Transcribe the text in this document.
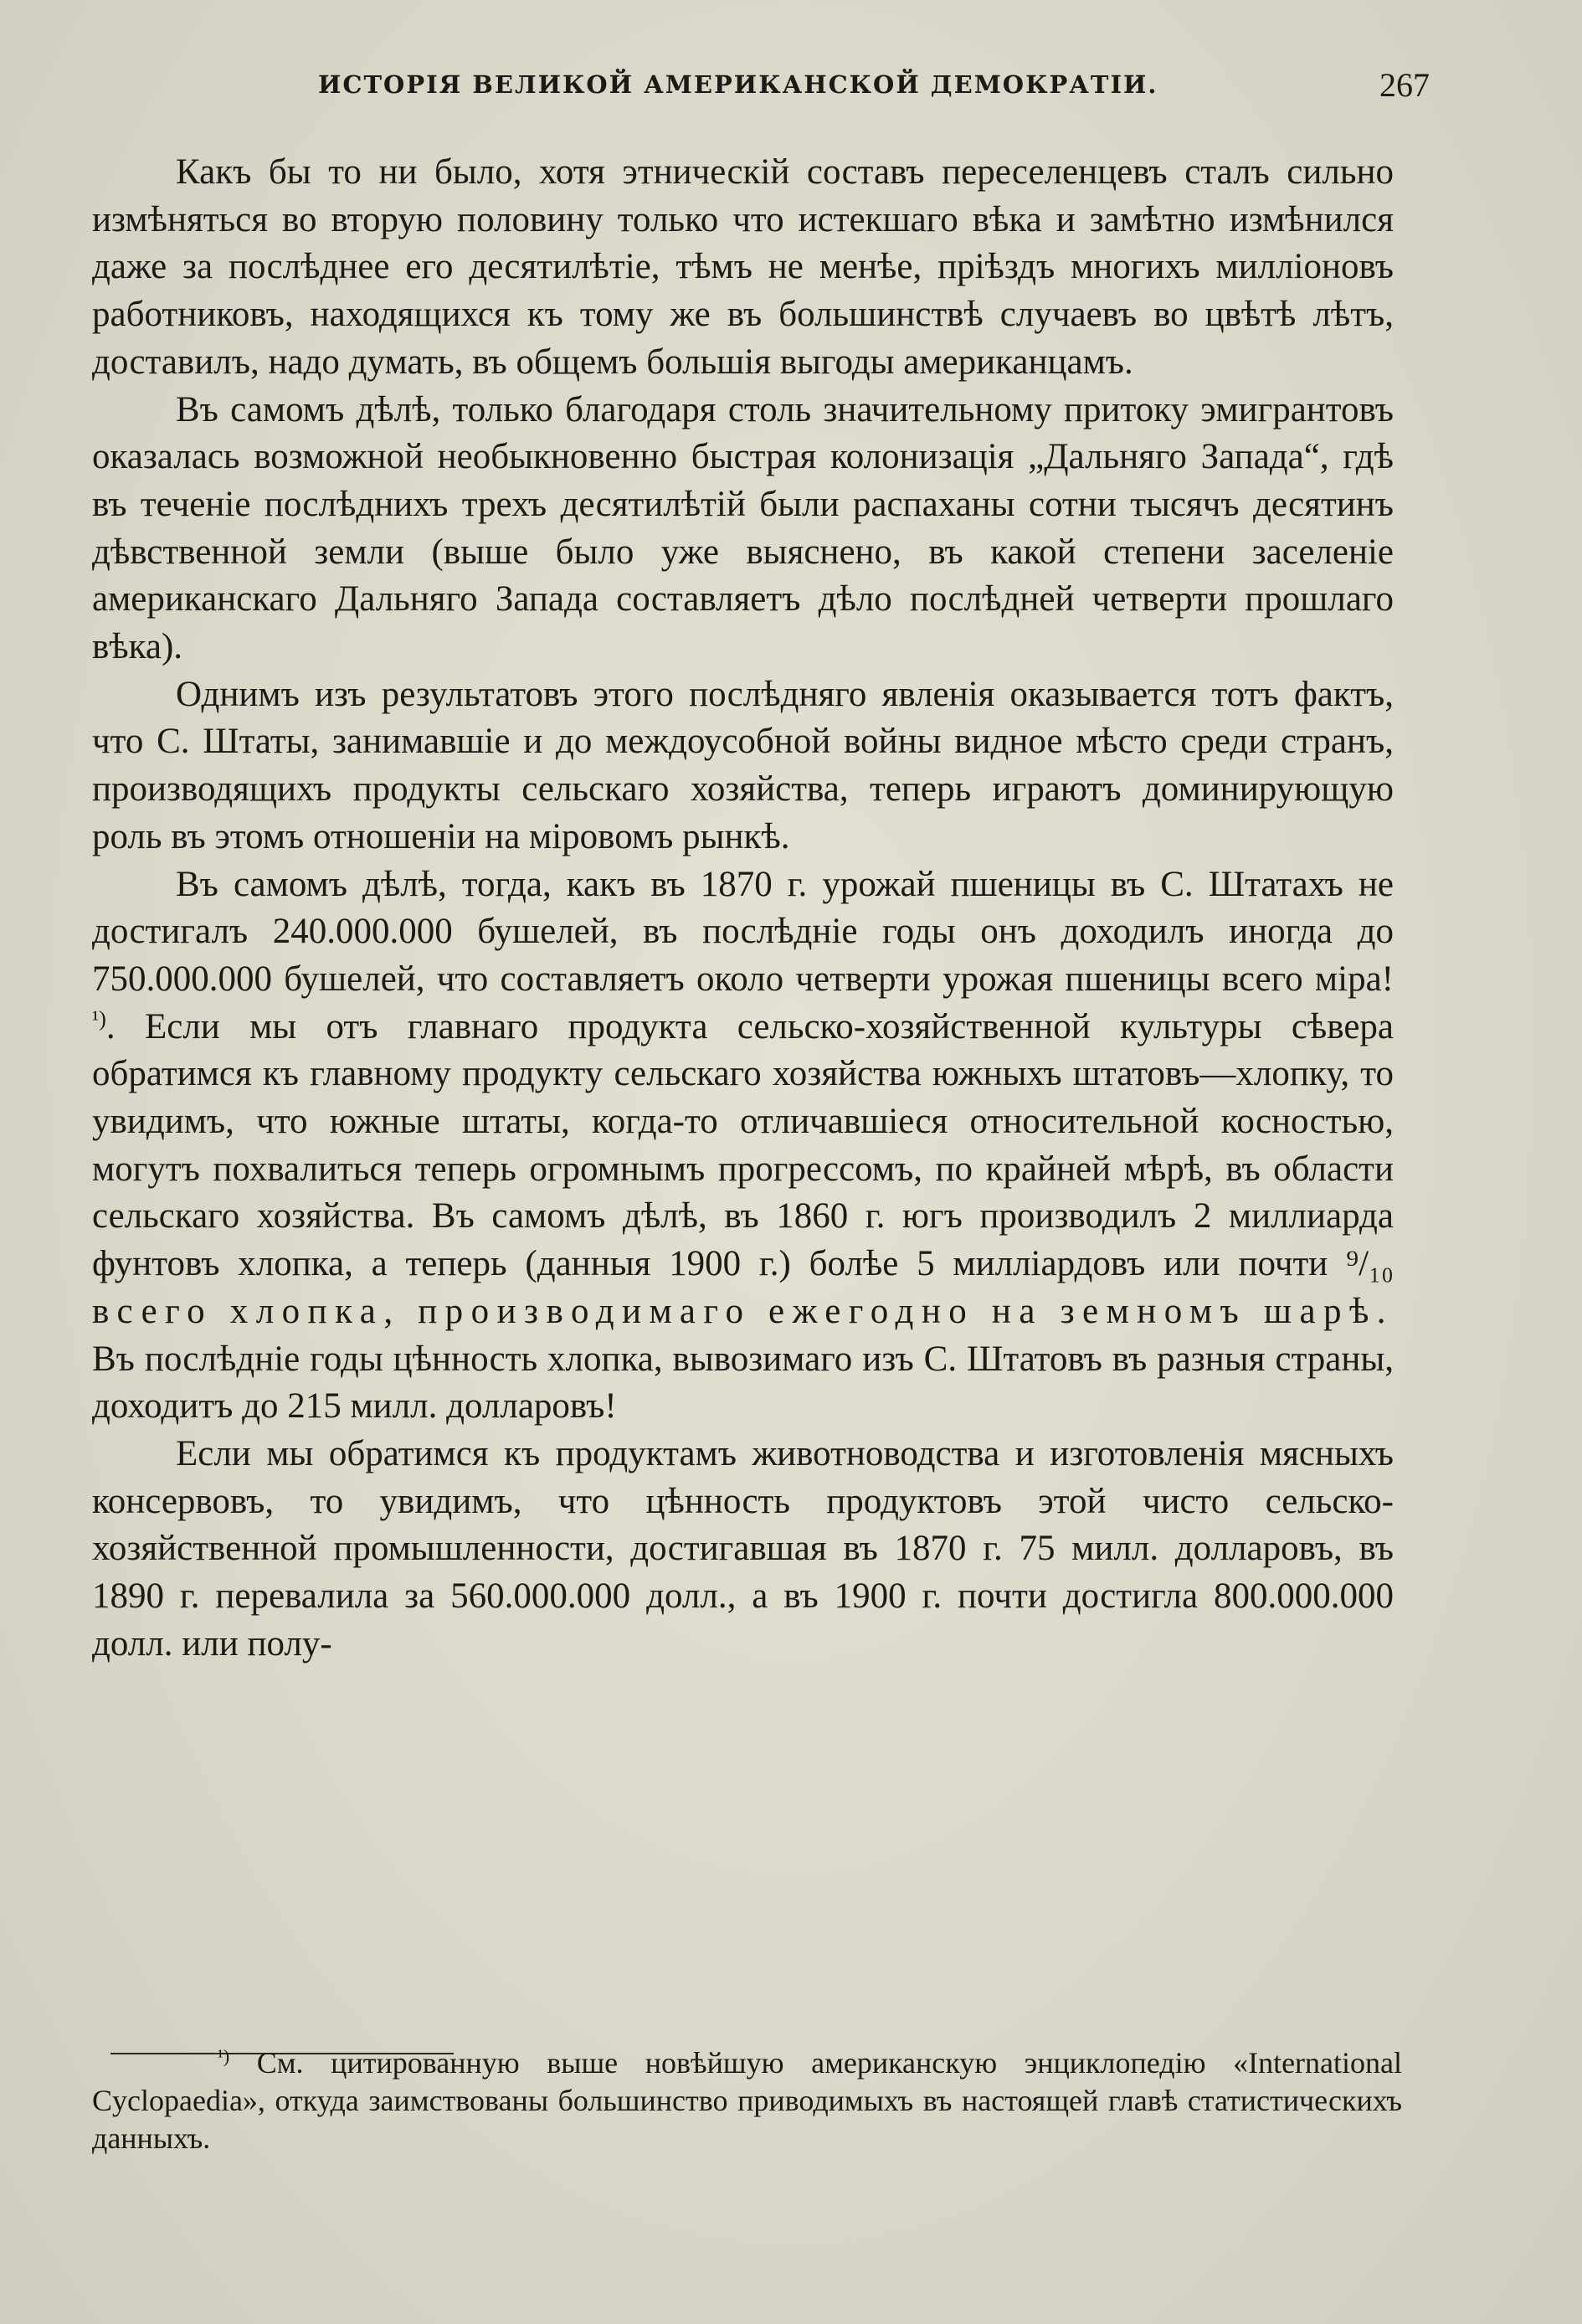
ИСТОРІЯ ВЕЛИКОЙ АМЕРИКАНСКОЙ ДЕМОКРАТІИ.	267

Какъ бы то ни было, хотя этническій составъ переселенцевъ сталъ сильно измѣняться во вторую половину только что истекшаго вѣка и замѣтно измѣнился даже за послѣднее его десятилѣтіе, тѣмъ не менѣе, пріѣздъ многихъ милліоновъ работниковъ, находящихся къ тому же въ большинствѣ случаевъ во цвѣтѣ лѣтъ, доставилъ, надо думать, въ общемъ большія выгоды американцамъ.

Въ самомъ дѣлѣ, только благодаря столь значительному притоку эмигрантовъ оказалась возможной необыкновенно быстрая колонизація „Дальняго Запада“, гдѣ въ теченіе послѣднихъ трехъ десятилѣтій были распаханы сотни тысячъ десятинъ дѣвственной земли (выше было уже выяснено, въ какой степени заселеніе американскаго Дальняго Запада составляетъ дѣло послѣдней четверти прошлаго вѣка).

Однимъ изъ результатовъ этого послѣдняго явленія оказывается тотъ фактъ, что С. Штаты, занимавшіе и до междоусобной войны видное мѣсто среди странъ, производящихъ продукты сельскаго хозяйства, теперь играютъ доминирующую роль въ этомъ отношеніи на міровомъ рынкѣ.

Въ самомъ дѣлѣ, тогда, какъ въ 1870 г. урожай пшеницы въ С. Штатахъ не достигалъ 240.000.000 бушелей, въ послѣдніе годы онъ доходилъ иногда до 750.000.000 бушелей, что составляетъ около четверти урожая пшеницы всего міра! $^{^1)}$. Если мы отъ главнаго продукта сельско-хозяйственной культуры сѣвера обратимся къ главному продукту сельскаго хозяйства южныхъ штатовъ—хлопку, то увидимъ, что южные штаты, когда-то отличавшіеся относительной косностью, могутъ похвалиться теперь огромнымъ прогрессомъ, по крайней мѣрѣ, въ области сельскаго хозяйства. Въ самомъ дѣлѣ, въ 1860 г. югъ производилъ 2 миллиарда фунтовъ хлопка, а теперь (данныя 1900 г.) болѣе 5 милліардовъ или почти ⁹/₁₀ всего хлопка, производимаго ежегодно на земномъ шарѣ. Въ послѣдніе годы цѣнность хлопка, вывозимаго изъ С. Штатовъ въ разныя страны, доходитъ до 215 милл. долларовъ!

Если мы обратимся къ продуктамъ животноводства и изготовленія мясныхъ консервовъ, то увидимъ, что цѣнность продуктовъ этой чисто сельско-хозяйственной промышленности, достигавшая въ 1870 г. 75 милл. долларовъ, въ 1890 г. перевалила за 560.000.000 долл., а въ 1900 г. почти достигла 800.000.000 долл. или полу-

$^{^1)}$ См. цитированную выше новѣйшую американскую энциклопедію «International Cyclopaedia», откуда заимствованы большинство приводимыхъ въ настоящей главѣ статистическихъ данныхъ.
